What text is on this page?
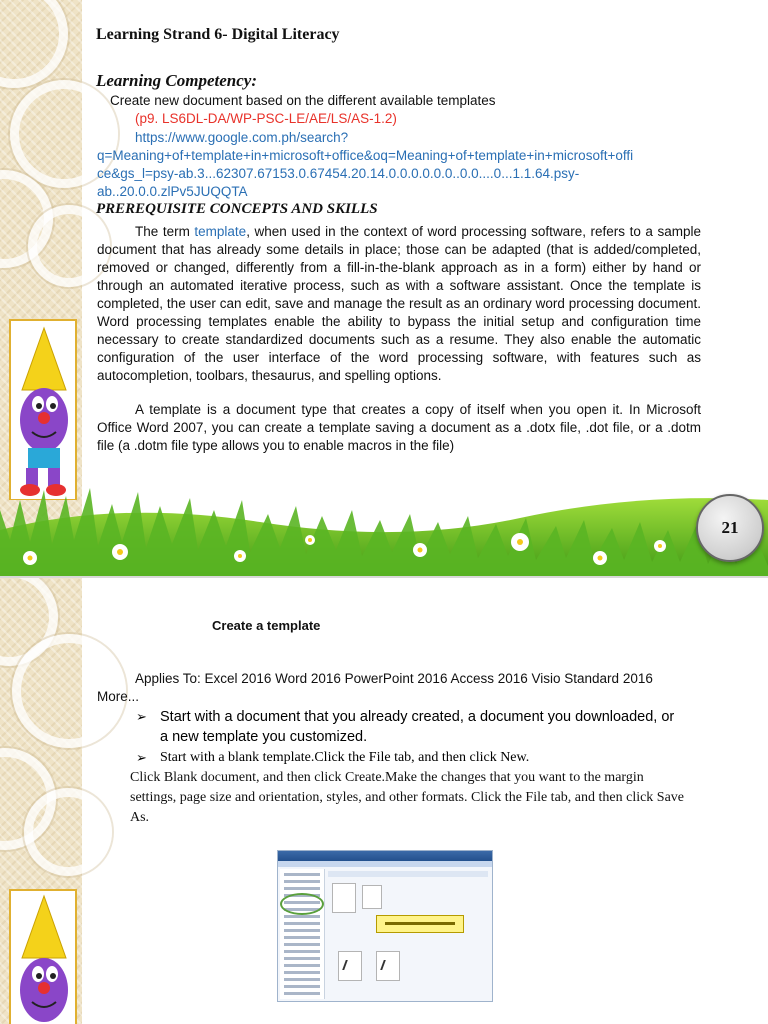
Learning Strand 6- Digital Literacy
Learning Competency:
Create new document based on the different available templates
(p9. LS6DL-DA/WP-PSC-LE/AE/LS/AS-1.2)
https://www.google.com.ph/search?
q=Meaning+of+template+in+microsoft+office&oq=Meaning+of+template+in+microsoft+offi
ce&gs_l=psy-ab.3...62307.67153.0.67454.20.14.0.0.0.0.0.0..0.0....0...1.1.64.psy-
ab..20.0.0.zlPv5JUQQTA
PREREQUISITE CONCEPTS AND SKILLS
The term template, when used in the context of word processing software, refers to a sample document that has already some details in place; those can be adapted (that is added/completed, removed or changed, differently from a fill-in-the-blank approach as in a form) either by hand or through an automated iterative process, such as with a software assistant. Once the template is completed, the user can edit, save and manage the result as an ordinary word processing document. Word processing templates enable the ability to bypass the initial setup and configuration time necessary to create standardized documents such as a resume. They also enable the automatic configuration of the user interface of the word processing software, with features such as autocompletion, toolbars, thesaurus, and spelling options.
A template is a document type that creates a copy of itself when you open it. In Microsoft Office Word 2007, you can create a template saving a document as a .dotx file, .dot file, or a .dotm file (a .dotm file type allows you to enable macros in the file)
21
Create a template
Applies To: Excel 2016 Word 2016 PowerPoint 2016 Access 2016 Visio Standard 2016 More...
➢ Start with a document that you already created, a document you downloaded, or a new template you customized.
➢ Start with a blank template.Click the File tab, and then click New.
Click Blank document, and then click Create.Make the changes that you want to the margin settings, page size and orientation, styles, and other formats. Click the File tab, and then click Save As.
